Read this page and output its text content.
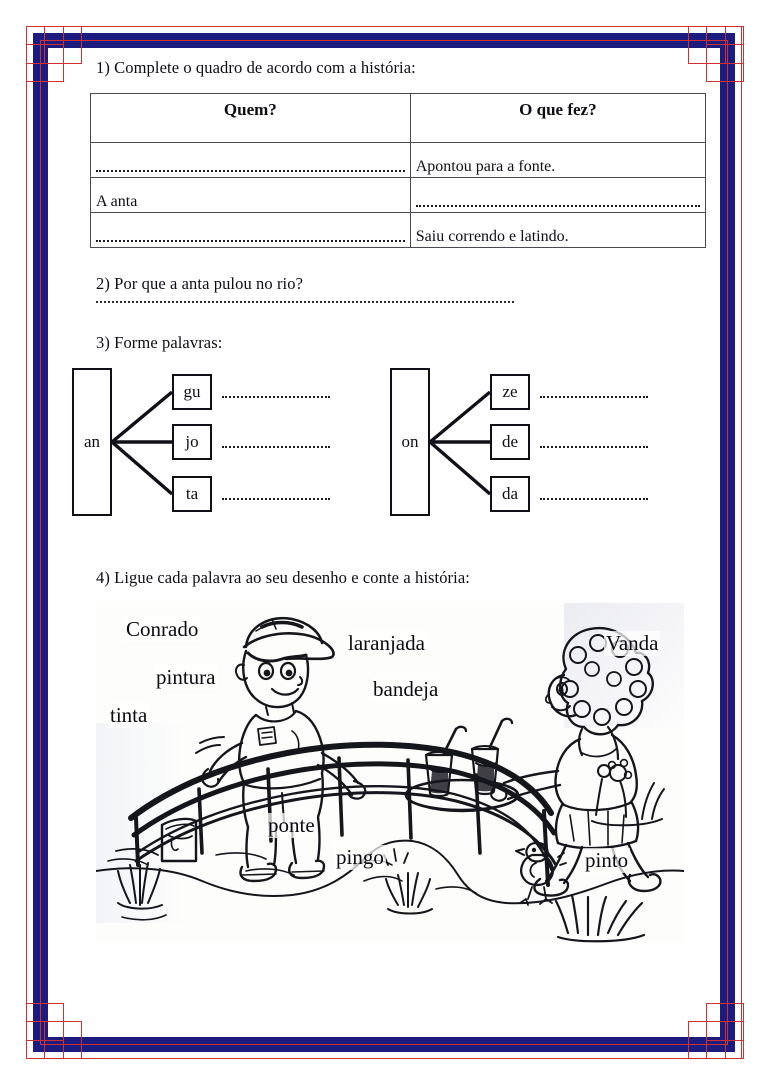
1) Complete o quadro de acordo com a história:
Quem?	O que fez?

	Apontou para a fonte.

A anta	

	Saiu correndo e latindo.
2) Por que a anta pulou no rio?
3) Forme palavras:
an
gu
jo
ta
on
ze
de
da
4) Ligue cada palavra ao seu desenho e conte a história:
Conrado
pintura
tinta
laranjada
bandeja
Vanda
ponte
pingo	pinto
